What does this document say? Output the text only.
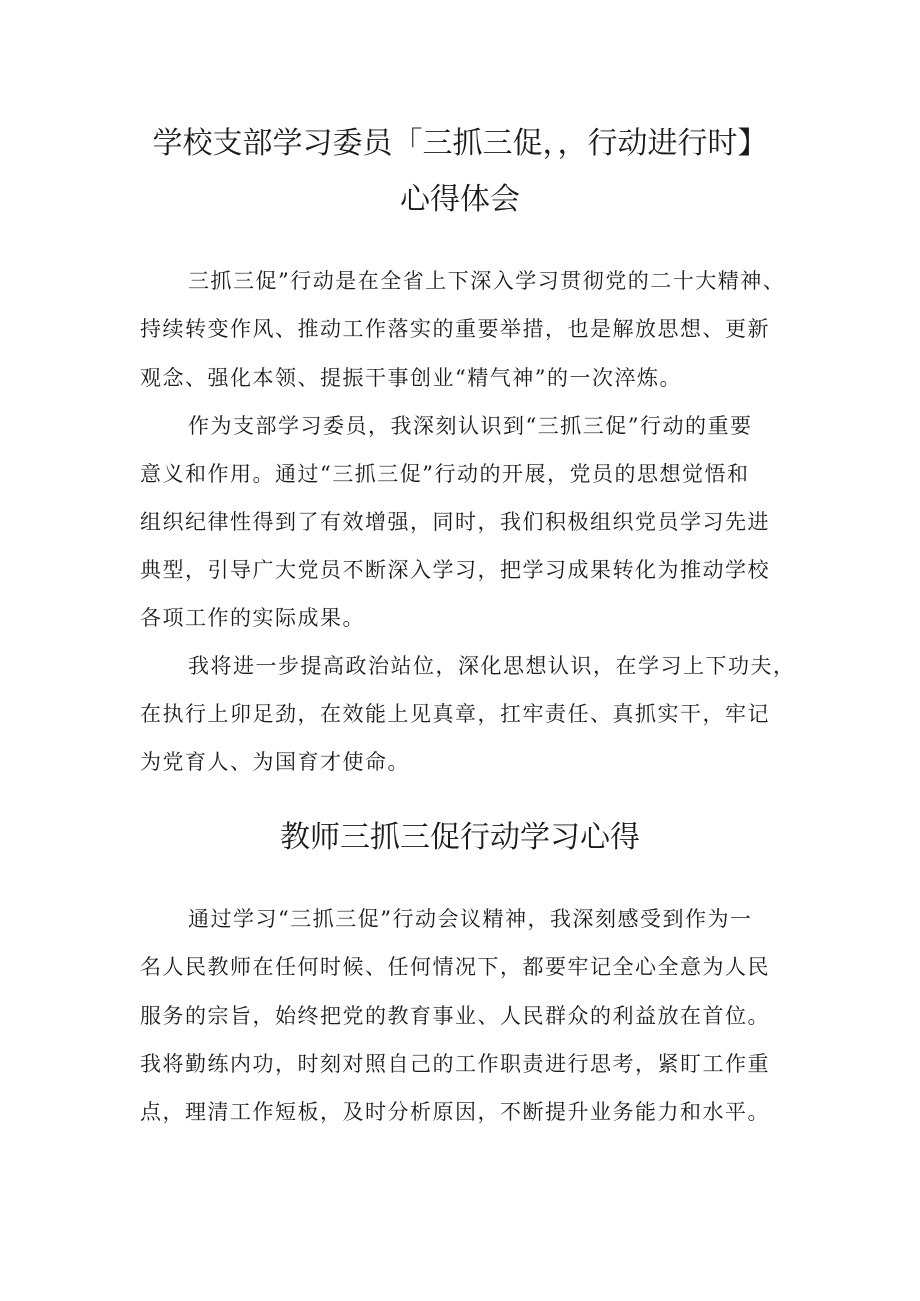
学校支部学习委员「三抓三促，，行动进行时】
心得体会

三抓三促”行动是在全省上下深入学习贯彻党的二十大精神、

持续转变作风、推动工作落实的重要举措，也是解放思想、更新

观念、强化本领、提振干事创业“精气神”的一次淬炼。

作为支部学习委员，我深刻认识到“三抓三促”行动的重要

意义和作用。通过“三抓三促”行动的开展，党员的思想觉悟和

组织纪律性得到了有效增强，同时，我们积极组织党员学习先进

典型，引导广大党员不断深入学习，把学习成果转化为推动学校

各项工作的实际成果。

我将进一步提高政治站位，深化思想认识，在学习上下功夫，

在执行上卯足劲，在效能上见真章，扛牢责任、真抓实干，牢记

为党育人、为国育才使命。

教师三抓三促行动学习心得

通过学习“三抓三促”行动会议精神，我深刻感受到作为一

名人民教师在任何时候、任何情况下，都要牢记全心全意为人民

服务的宗旨，始终把党的教育事业、人民群众的利益放在首位。

我将勤练内功，时刻对照自己的工作职责进行思考，紧盯工作重

点，理清工作短板，及时分析原因，不断提升业务能力和水平。
